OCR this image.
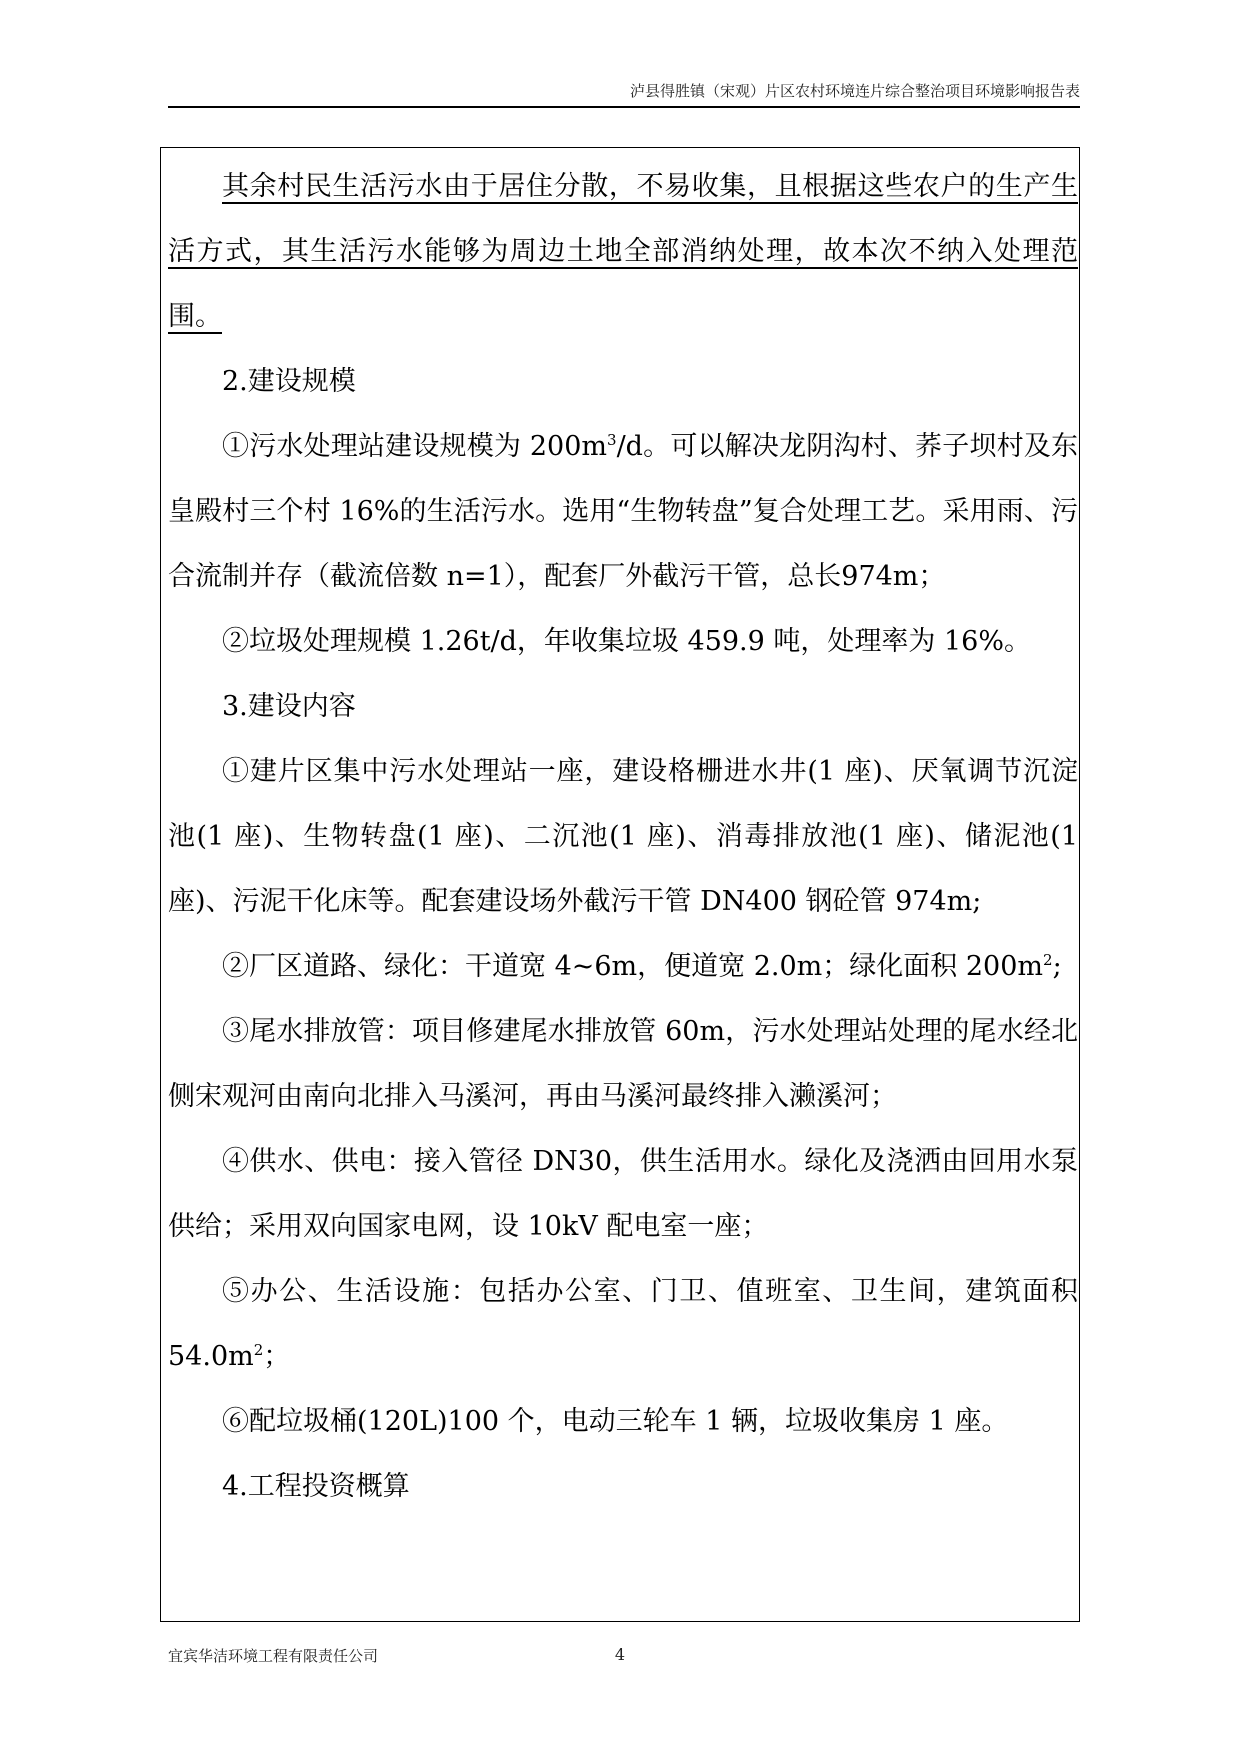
泸县得胜镇（宋观）片区农村环境连片综合整治项目环境影响报告表

其余村民生活污水由于居住分散，不易收集，且根据这些农户的生产生活方式，其生活污水能够为周边土地全部消纳处理，故本次不纳入处理范围。

2.建设规模

①污水处理站建设规模为 $200m^3/d$。可以解决龙阴沟村、荞子坝村及东皇殿村三个村 16%的生活污水。选用“生物转盘”复合处理工艺。采用雨、污合流制并存（截流倍数 n=1），配套厂外截污干管，总长974m；

②垃圾处理规模 1.26t/d，年收集垃圾 459.9 吨，处理率为 16%。

3.建设内容

①建片区集中污水处理站一座，建设格栅进水井(1 座)、厌氧调节沉淀池(1 座)、生物转盘(1 座)、二沉池(1 座)、消毒排放池(1 座)、储泥池(1 座)、污泥干化床等。配套建设场外截污干管 DN400 钢砼管 974m;

②厂区道路、绿化：干道宽 4~6m，便道宽 2.0m；绿化面积 $200m^2$;

③尾水排放管：项目修建尾水排放管 60m，污水处理站处理的尾水经北侧宋观河由南向北排入马溪河，再由马溪河最终排入濑溪河；

④供水、供电：接入管径 DN30，供生活用水。绿化及浇洒由回用水泵供给；采用双向国家电网，设 10kV 配电室一座；

⑤办公、生活设施：包括办公室、门卫、值班室、卫生间，建筑面积 $54.0m^2$；

⑥配垃圾桶(120L)100 个，电动三轮车 1 辆，垃圾收集房 1 座。

4.工程投资概算

宜宾华洁环境工程有限责任公司	4
